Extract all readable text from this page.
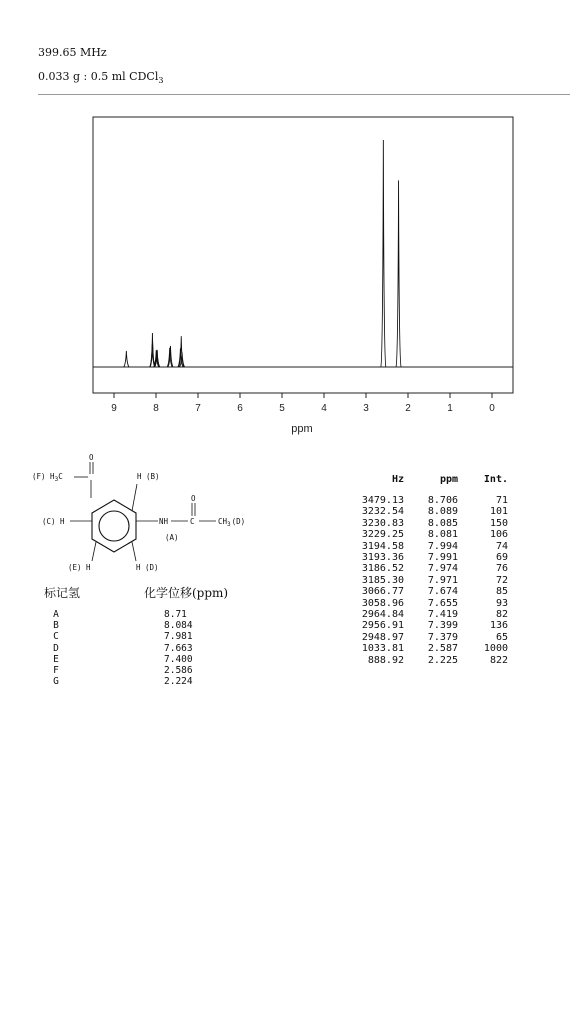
399.65 MHz
0.033 g : 0.5 ml CDCl$_3$
9	8	7	6	5	4	3	2	1	0
ppm
O
(F) $H_3C$	H (B)
(C) H	NH
O
C	$CH_3(D)$
(A)
(E) H	H (D)
标记氢	化学位移(ppm)
A	8.71
B	8.084
C	7.981
D	7.663
E	7.400
F	2.586
G	2.224
Hz	ppm	Int.
3479.13	8.706	71
3232.54	8.089	101
3230.83	8.085	150
3229.25	8.081	106
3194.58	7.994	74
3193.36	7.991	69
3186.52	7.974	76
3185.30	7.971	72
3066.77	7.674	85
3058.96	7.655	93
2964.84	7.419	82
2956.91	7.399	136
2948.97	7.379	65
1033.81	2.587	1000
888.92	2.225	822
